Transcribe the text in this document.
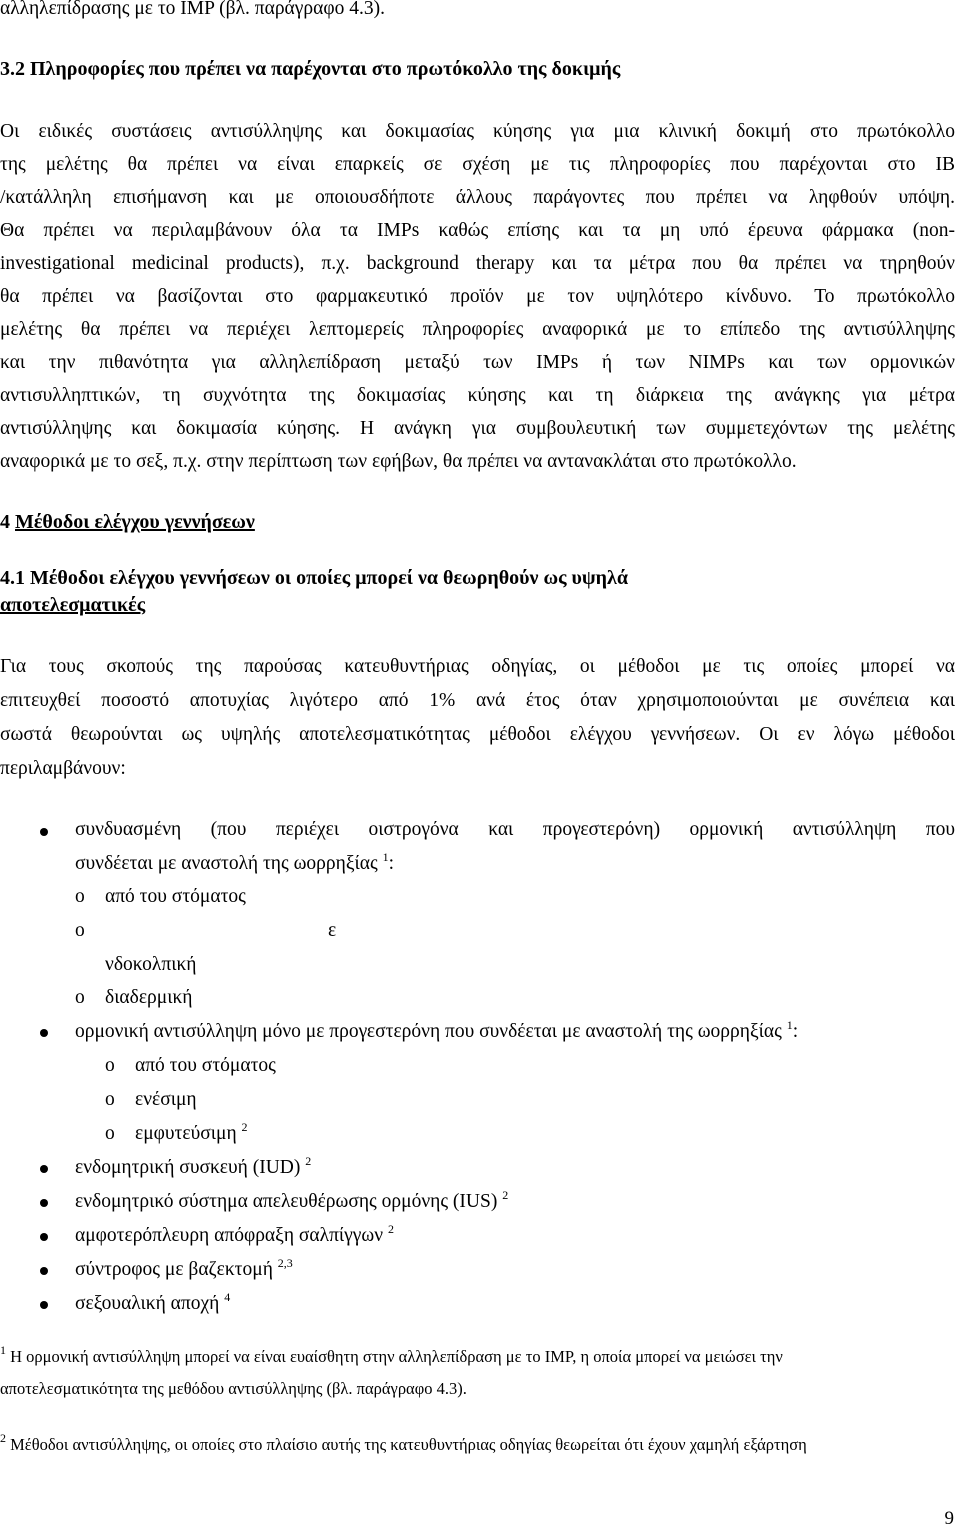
αλληλεπίδρασης με το IMP (βλ. παράγραφο 4.3).
3.2 Πληροφορίες που πρέπει να παρέχονται στο πρωτόκολλο της δοκιμής
Οι ειδικές συστάσεις αντισύλληψης και δοκιμασίας κύησης για μια κλινική δοκιμή στο πρωτόκολλο
της μελέτης θα πρέπει να είναι επαρκείς σε σχέση με τις πληροφορίες που παρέχονται στο IB
/κατάλληλη επισήμανση και με οποιουσδήποτε άλλους παράγοντες που πρέπει να ληφθούν υπόψη.
Θα πρέπει να περιλαμβάνουν όλα τα IMPs καθώς επίσης και τα μη υπό έρευνα φάρμακα (non-
investigational medicinal products), π.χ. background therapy και τα μέτρα που θα πρέπει να τηρηθούν
θα πρέπει να βασίζονται στο φαρμακευτικό προϊόν με τον υψηλότερο κίνδυνο. Το πρωτόκολλο
μελέτης θα πρέπει να περιέχει λεπτομερείς πληροφορίες αναφορικά με το επίπεδο της αντισύλληψης
και την πιθανότητα για αλληλεπίδραση μεταξύ των IMPs ή των NIMPs και των ορμονικών
αντισυλληπτικών, τη συχνότητα της δοκιμασίας κύησης και τη διάρκεια της ανάγκης για μέτρα
αντισύλληψης και δοκιμασία κύησης. Η ανάγκη για συμβουλευτική των συμμετεχόντων της μελέτης
αναφορικά με το σεξ, π.χ. στην περίπτωση των εφήβων, θα πρέπει να αντανακλάται στο πρωτόκολλο.
4 Μέθοδοι ελέγχου γεννήσεων
4.1 Μέθοδοι ελέγχου γεννήσεων οι οποίες μπορεί να θεωρηθούν ως υψηλά
αποτελεσματικές
Για τους σκοπούς της παρούσας κατευθυντήριας οδηγίας, οι μέθοδοι με τις οποίες μπορεί να
επιτευχθεί ποσοστό αποτυχίας λιγότερο από 1% ανά έτος όταν χρησιμοποιούνται με συνέπεια και
σωστά θεωρούνται ως υψηλής αποτελεσματικότητας μέθοδοι ελέγχου γεννήσεων. Οι εν λόγω μέθοδοι
περιλαμβάνουν:
συνδυασμένη (που περιέχει οιστρογόνα και προγεστερόνη) ορμονική αντισύλληψη που
συνδέεται με αναστολή της ωορρηξίας $^1$:
o από του στόματος
o	ε
νδοκολπική
o διαδερμική
ορμονική αντισύλληψη μόνο με προγεστερόνη που συνδέεται με αναστολή της ωορρηξίας $^1$:
o από του στόματος
o ενέσιμη
o εμφυτεύσιμη $^2$
ενδομητρική συσκευή (IUD) $^2$
ενδομητρικό σύστημα απελευθέρωσης ορμόνης (IUS) $^2$
αμφοτερόπλευρη απόφραξη σαλπίγγων $^2$
σύντροφος με βαζεκτομή $^{2,3}$
σεξουαλική αποχή $^4$
$^1$ Η ορμονική αντισύλληψη μπορεί να είναι ευαίσθητη στην αλληλεπίδραση με το IMP, η οποία μπορεί να μειώσει την
αποτελεσματικότητα της μεθόδου αντισύλληψης (βλ. παράγραφο 4.3).
$^2$ Μέθοδοι αντισύλληψης, οι οποίες στο πλαίσιο αυτής της κατευθυντήριας οδηγίας θεωρείται ότι έχουν χαμηλή εξάρτηση
9
